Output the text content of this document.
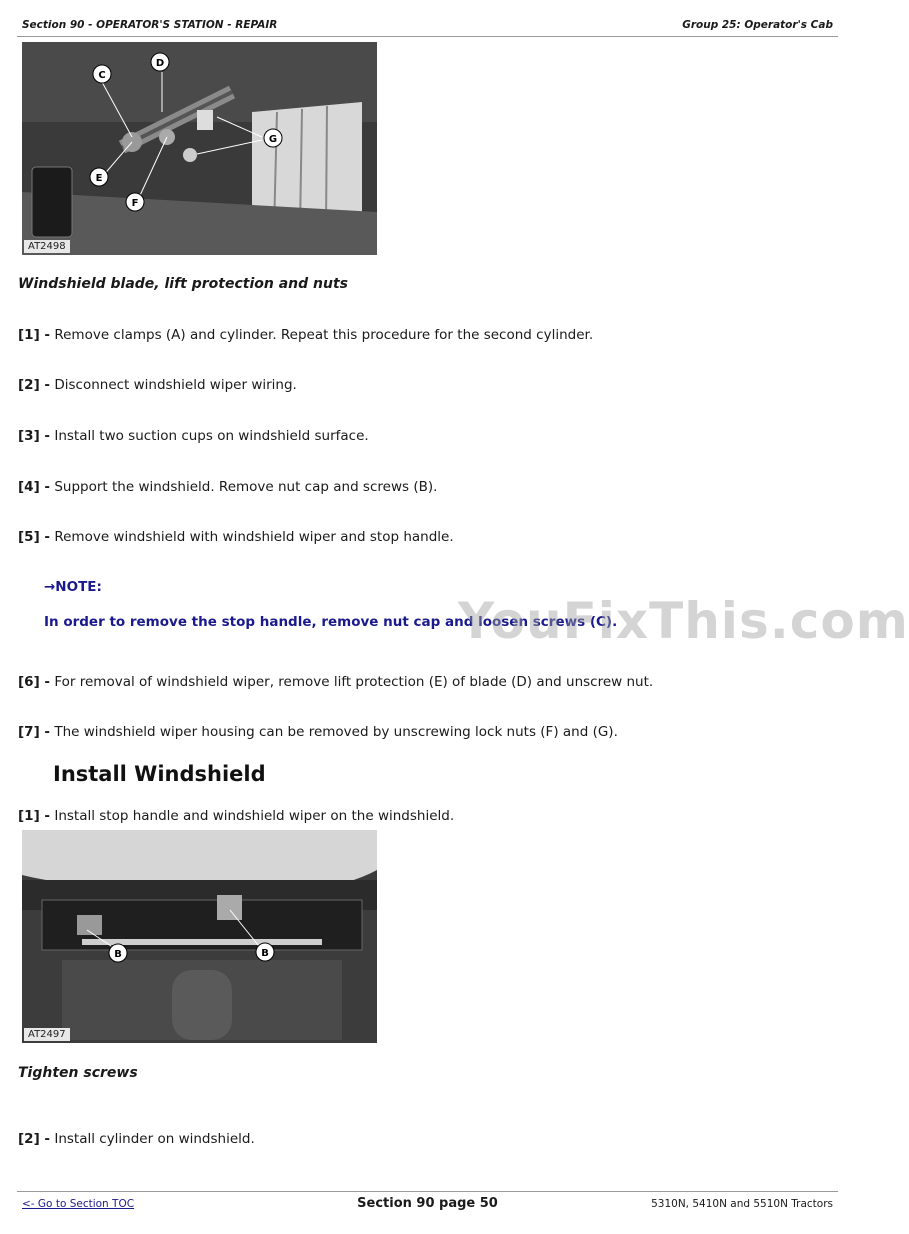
Section 90 - OPERATOR'S STATION - REPAIR	Group 25: Operator's Cab
C
D
E
F
G
AT2498
Windshield blade, lift protection and nuts
[1] - Remove clamps (A) and cylinder. Repeat this procedure for the second cylinder.
[2] - Disconnect windshield wiper wiring.
[3] - Install two suction cups on windshield surface.
[4] - Support the windshield. Remove nut cap and screws (B).
[5] - Remove windshield with windshield wiper and stop handle.
→NOTE:
In order to remove the stop handle, remove nut cap and loosen screws (C).
YouFixThis.com
[6] - For removal of windshield wiper, remove lift protection (E) of blade (D) and unscrew nut.
[7] - The windshield wiper housing can be removed by unscrewing lock nuts (F) and (G).
Install Windshield
[1] - Install stop handle and windshield wiper on the windshield.
B	B
AT2497
Tighten screws
[2] - Install cylinder on windshield.
<- Go to Section TOC	Section 90 page 50	5310N, 5410N and 5510N Tractors
